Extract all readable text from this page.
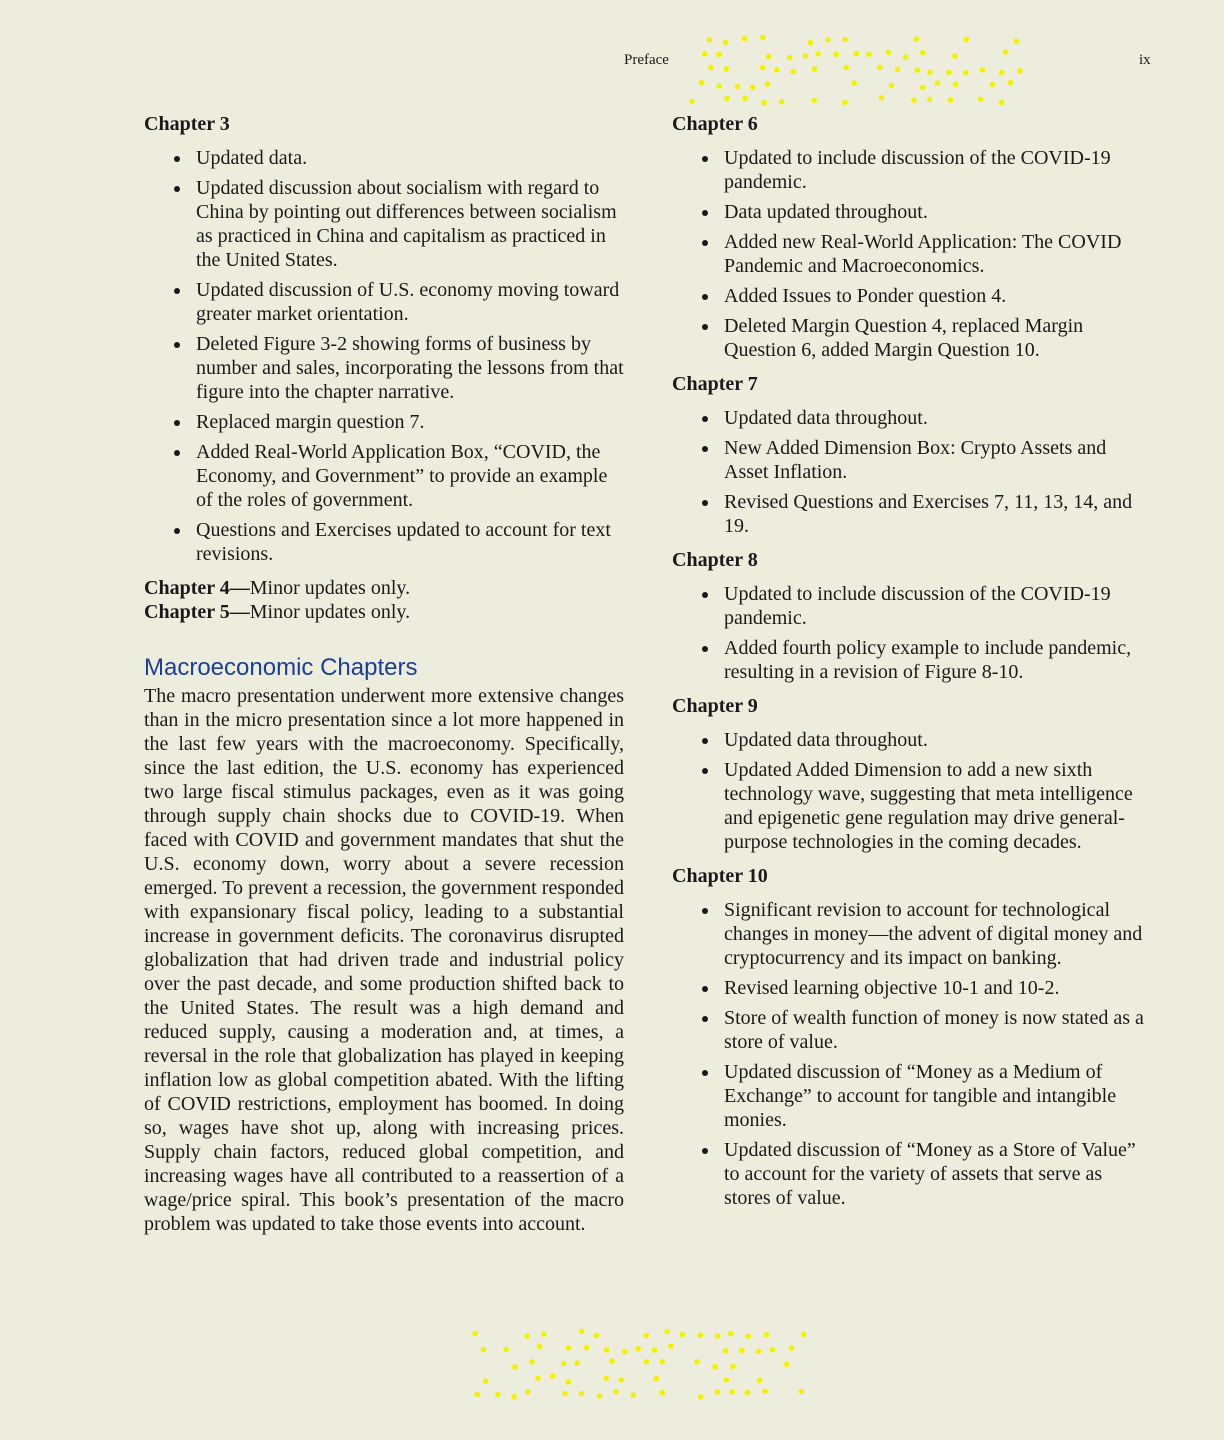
Preface	ix
Chapter 3
Updated data.
Updated discussion about socialism with regard to China by pointing out differences between socialism as practiced in China and capitalism as practiced in the United States.
Updated discussion of U.S. economy moving toward greater market orientation.
Deleted Figure 3-2 showing forms of business by number and sales, incorporating the lessons from that figure into the chapter narrative.
Replaced margin question 7.
Added Real-World Application Box, “COVID, the Economy, and Government” to provide an example of the roles of government.
Questions and Exercises updated to account for text revisions.

Chapter 4—Minor updates only.

Chapter 5—Minor updates only.

Macroeconomic Chapters

The macro presentation underwent more extensive changes than in the micro presentation since a lot more happened in the last few years with the macroeconomy. Specifically, since the last edition, the U.S. economy has experienced two large fiscal stimulus packages, even as it was going through supply chain shocks due to COVID-19. When faced with COVID and government mandates that shut the U.S. economy down, worry about a severe recession emerged. To prevent a recession, the government responded with expansionary fiscal policy, leading to a substantial increase in government deficits. The coronavirus disrupted globalization that had driven trade and industrial policy over the past decade, and some production shifted back to the United States. The result was a high demand and reduced supply, causing a moderation and, at times, a reversal in the role that globalization has played in keeping inflation low as global competition abated. With the lifting of COVID restrictions, employment has boomed. In doing so, wages have shot up, along with increasing prices. Supply chain factors, reduced global competition, and increasing wages have all contributed to a reassertion of a wage/price spiral. This book’s presentation of the macro problem was updated to take those events into account.

Chapter 6
Updated to include discussion of the COVID-19 pandemic.
Data updated throughout.
Added new Real-World Application: The COVID Pandemic and Macroeconomics.
Added Issues to Ponder question 4.
Deleted Margin Question 4, replaced Margin Question 6, added Margin Question 10.
Chapter 7
Updated data throughout.
New Added Dimension Box: Crypto Assets and Asset Inflation.
Revised Questions and Exercises 7, 11, 13, 14, and 19.
Chapter 8
Updated to include discussion of the COVID-19 pandemic.
Added fourth policy example to include pandemic, resulting in a revision of Figure 8-10.
Chapter 9
Updated data throughout.
Updated Added Dimension to add a new sixth technology wave, suggesting that meta intelligence and epigenetic gene regulation may drive general-purpose technologies in the coming decades.
Chapter 10
Significant revision to account for technological changes in money—the advent of digital money and cryptocurrency and its impact on banking.
Revised learning objective 10-1 and 10-2.
Store of wealth function of money is now stated as a store of value.
Updated discussion of “Money as a Medium of Exchange” to account for tangible and intangible monies.
Updated discussion of “Money as a Store of Value” to account for the variety of assets that serve as stores of value.
